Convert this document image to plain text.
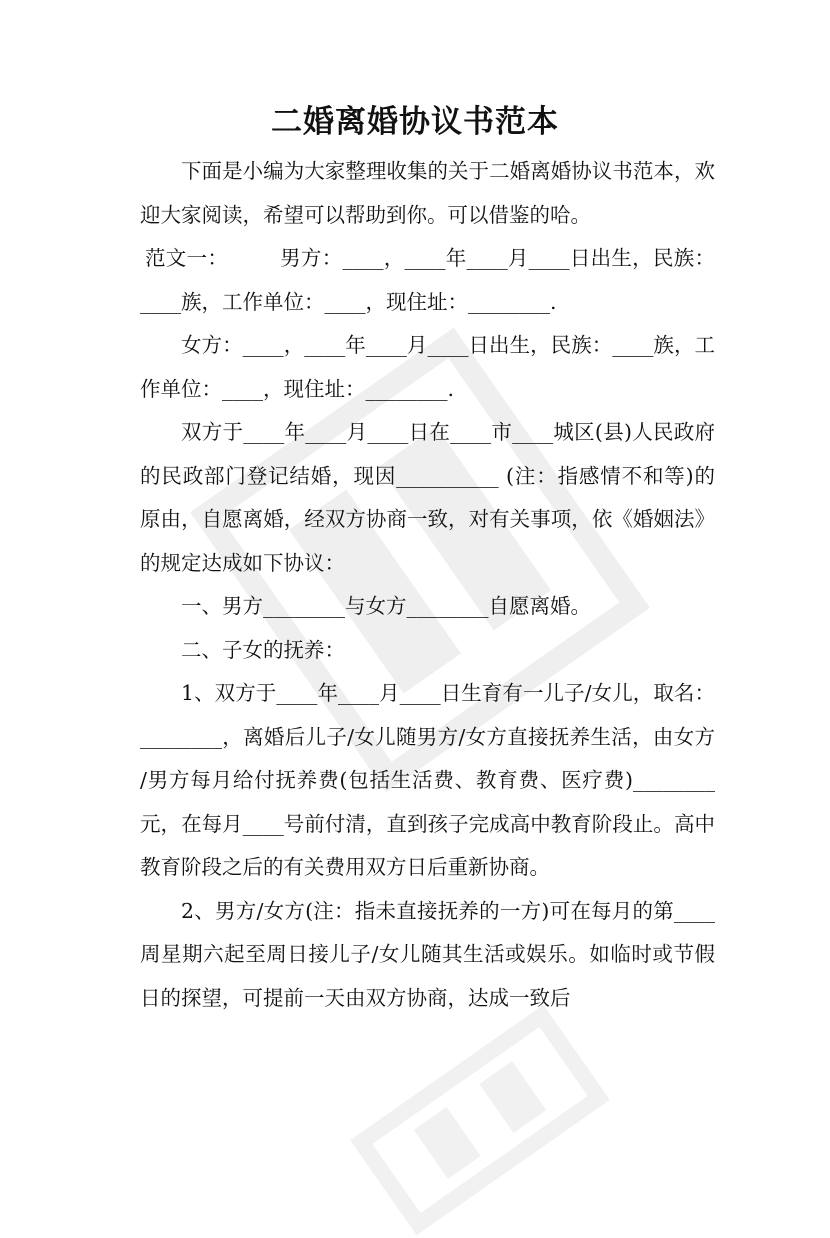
二婚离婚协议书范本

下面是小编为大家整理收集的关于二婚离婚协议书范本，欢迎大家阅读，希望可以帮助到你。可以借鉴的哈。

范文一：　　　男方：____，____年____月____日出生，民族：____族，工作单位：____，现住址：________.

女方：____，____年____月____日出生，民族：____族，工作单位：____，现住址：________.

双方于____年____月____日在____市____城区(县)人民政府的民政部门登记结婚，现因__________ (注：指感情不和等)的原由，自愿离婚，经双方协商一致，对有关事项，依《婚姻法》的规定达成如下协议：

一、男方________与女方________自愿离婚。

二、子女的抚养：

1、双方于____年____月____日生育有一儿子/女儿，取名：________，离婚后儿子/女儿随男方/女方直接抚养生活，由女方 /男方每月给付抚养费(包括生活费、教育费、医疗费)________元，在每月____号前付清，直到孩子完成高中教育阶段止。高中教育阶段之后的有关费用双方日后重新协商。

2、男方/女方(注：指未直接抚养的一方)可在每月的第____周星期六起至周日接儿子/女儿随其生活或娱乐。如临时或节假日的探望，可提前一天由双方协商，达成一致后
